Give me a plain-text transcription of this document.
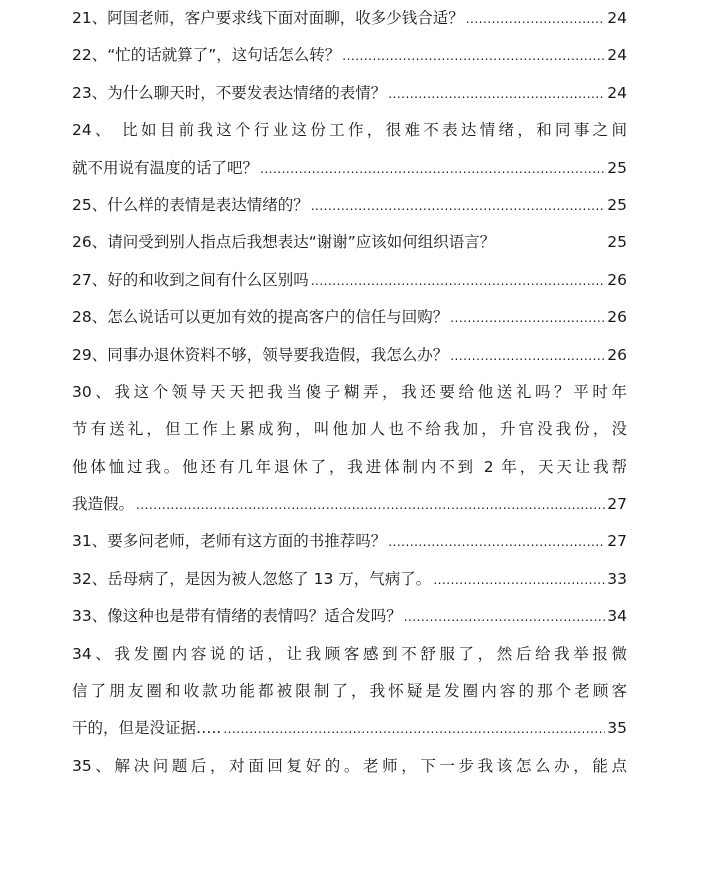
21、阿国老师，客户要求线下面对面聊，收多少钱合适？ .....	24
22、“忙的话就算了”，这句话怎么转？ .....	24
23、为什么聊天时，不要发表达情绪的表情？ .....	24
24、 比如目前我这个行业这份工作，很难不表达情绪，和同事之间
就不用说有温度的话了吧？ .....	25
25、什么样的表情是表达情绪的？ .....	25
26、请问受到别人指点后我想表达“谢谢”应该如何组织语言？	25
27、好的和收到之间有什么区别吗 .....	26
28、怎么说话可以更加有效的提高客户的信任与回购？ .....	26
29、同事办退休资料不够，领导要我造假，我怎么办？ .....	26
30、我这个领导天天把我当傻子糊弄，我还要给他送礼吗？平时年
节有送礼，但工作上累成狗，叫他加人也不给我加，升官没我份，没
他体恤过我。他还有几年退休了，我进体制内不到 2 年，天天让我帮
我造假。 .....	27
31、要多问老师，老师有这方面的书推荐吗？ .....	27
32、岳母病了，是因为被人忽悠了 13 万，气病了。 .....	33
33、像这种也是带有情绪的表情吗？适合发吗？ .....	34
34、我发圈内容说的话，让我顾客感到不舒服了，然后给我举报微
信了朋友圈和收款功能都被限制了，我怀疑是发圈内容的那个老顾客
干的，但是没证据….. .....	35
35、解决问题后，对面回复好的。老师，下一步我该怎么办，能点
